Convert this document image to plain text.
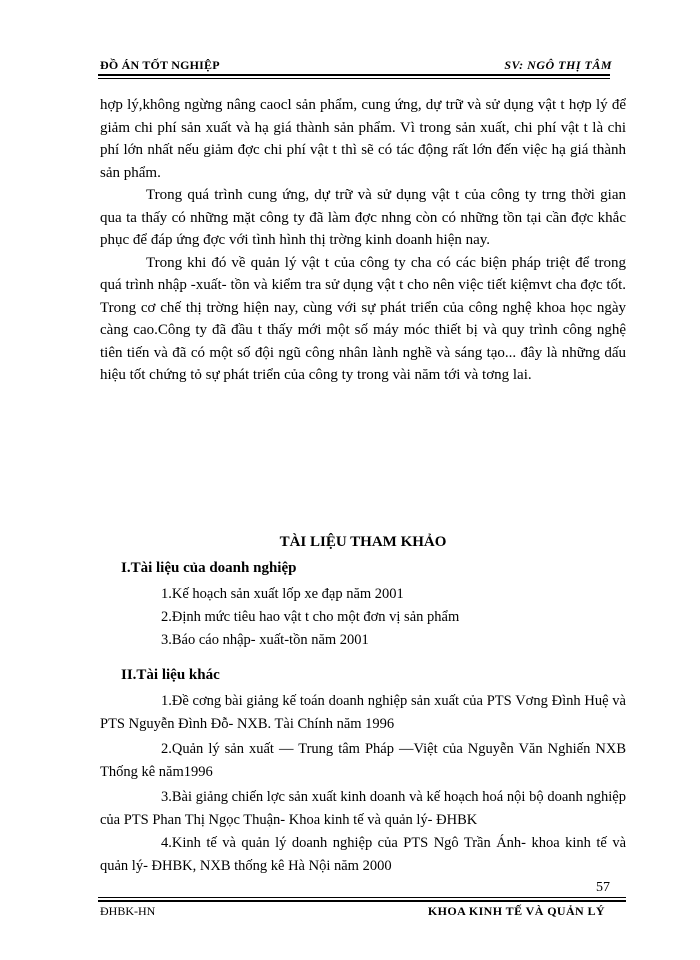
ĐỒ ÁN TỐT NGHIỆP	SV: NGÔ THỊ TÂM

hợp lý,không ngừng nâng caocl sản phẩm, cung ứng, dự trữ và sử dụng vật t hợp lý để giảm chi phí sản xuất và hạ giá thành sản phẩm. Vì trong sản xuất, chi phí vật t là chi phí lớn nhất nếu giảm đợc chi phí vật t thì sẽ có tác động rất lớn đến việc hạ giá thành sản phẩm.

Trong quá trình cung ứng, dự trữ và sử dụng vật t của công ty trng thời gian qua ta thấy có những mặt công ty đã làm đợc nhng còn có những tồn tại cần đợc khắc phục để đáp ứng đợc với tình hình thị trờng kinh doanh hiện nay.

Trong khi đó về quản lý vật t của công ty cha có các biện pháp triệt để trong quá trình nhập -xuất- tồn và kiểm tra sử dụng vật t cho nên việc tiết kiệmvt cha đợc tốt. Trong cơ chế thị trờng hiện nay, cùng với sự phát triển của công nghệ khoa học ngày càng cao.Công ty đã đầu t thấy mới một số máy móc thiết bị và quy trình công nghệ tiên tiến và đã có một số đội ngũ công nhân lành nghề và sáng tạo... đây là những dấu hiệu tốt chứng tỏ sự phát triển của công ty trong vài năm tới và tơng lai.

TÀI LIỆU THAM KHẢO
I.Tài liệu của doanh nghiệp
1.Kế hoạch sản xuất lốp xe đạp năm 2001
2.Định mức tiêu hao vật t cho một đơn vị sản phẩm
3.Báo cáo nhập- xuất-tồn năm 2001
II.Tài liệu khác
1.Đề cơng bài giảng kế toán doanh nghiệp sản xuất của PTS Vơng Đình Huệ và PTS Nguyễn Đình Đỗ- NXB. Tài Chính năm 1996
2.Quản lý sản xuất — Trung tâm Pháp —Việt của Nguyễn Văn Nghiến NXB Thống kê năm1996
3.Bài giảng chiến lợc sản xuất kinh doanh và kế hoạch hoá nội bộ doanh nghiệp của PTS Phan Thị Ngọc Thuận- Khoa kinh tế và quản lý- ĐHBK
4.Kinh tế và quản lý doanh nghiệp của PTS Ngô Trần Ánh- khoa kinh tế và quản lý- ĐHBK, NXB thống kê Hà Nội năm 2000
57
ĐHBK-HN	KHOA KINH TẾ VÀ QUẢN LÝ
